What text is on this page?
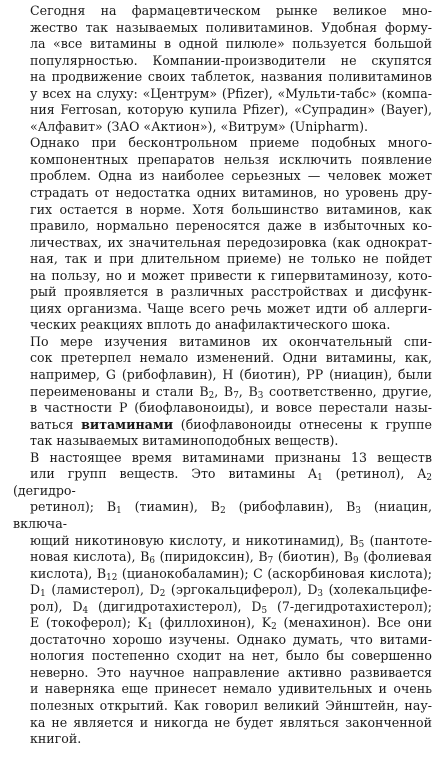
Сегодня на фармацевтическом рынке великое мно-
жество так называемых поливитаминов. Удобная форму-
ла «все витамины в одной пилюле» пользуется большой
популярностью. Компании-производители не скупятся
на продвижение своих таблеток, названия поливитаминов
у всех на слуху: «Центрум» (Pfizer), «Мульти-табс» (компа-
ния Ferrosan, которую купила Pfizer), «Супрадин» (Bayer),
«Алфавит» (ЗАО «Актион»), «Витрум» (Unipharm).

Однако при бесконтрольном приеме подобных много-
компонентных препаратов нельзя исключить появление
проблем. Одна из наиболее серьезных — человек может
страдать от недостатка одних витаминов, но уровень дру-
гих остается в норме. Хотя большинство витаминов, как
правило, нормально переносятся даже в избыточных ко-
личествах, их значительная передозировка (как однократ-
ная, так и при длительном приеме) не только не пойдет
на пользу, но и может привести к гипервитаминозу, кото-
рый проявляется в различных расстройствах и дисфунк-
циях организма. Чаще всего речь может идти об аллерги-
ческих реакциях вплоть до анафилактического шока.

По мере изучения витаминов их окончательный спи-
сок претерпел немало изменений. Одни витамины, как,
например, G (рибофлавин), H (биотин), PP (ниацин), были
переименованы и стали $B_2$, $B_7$, $B_3$ соответственно, другие,
в частности P (биофлавоноиды), и вовсе перестали назы-
ваться витаминами (биофлавоноиды отнесены к группе
так называемых витаминоподобных веществ).

В настоящее время витаминами признаны 13 веществ
или групп веществ. Это витамины $A_1$ (ретинол), $A_2$ (дегидро-
ретинол); $B_1$ (тиамин), $B_2$ (рибофлавин), $B_3$ (ниацин, включа-
ющий никотиновую кислоту, и никотинамид), $B_5$ (пантоте-
новая кислота), $B_6$ (пиридоксин), $B_7$ (биотин), $B_9$ (фолиевая
кислота), $B_{12}$ (цианокобаламин); C (аскорбиновая кислота);
$D_1$ (ламистерол), $D_2$ (эргокальциферол), $D_3$ (холекальцифе-
рол), $D_4$ (дигидротахистерол), $D_5$ (7-дегидротахистерол);
E (токоферол); $K_1$ (филлохинон), $K_2$ (менахинон). Все они
достаточно хорошо изучены. Однако думать, что витами-
нология постепенно сходит на нет, было бы совершенно
неверно. Это научное направление активно развивается
и наверняка еще принесет немало удивительных и очень
полезных открытий. Как говорил великий Эйнштейн, нау-
ка не является и никогда не будет являться законченной
книгой.
